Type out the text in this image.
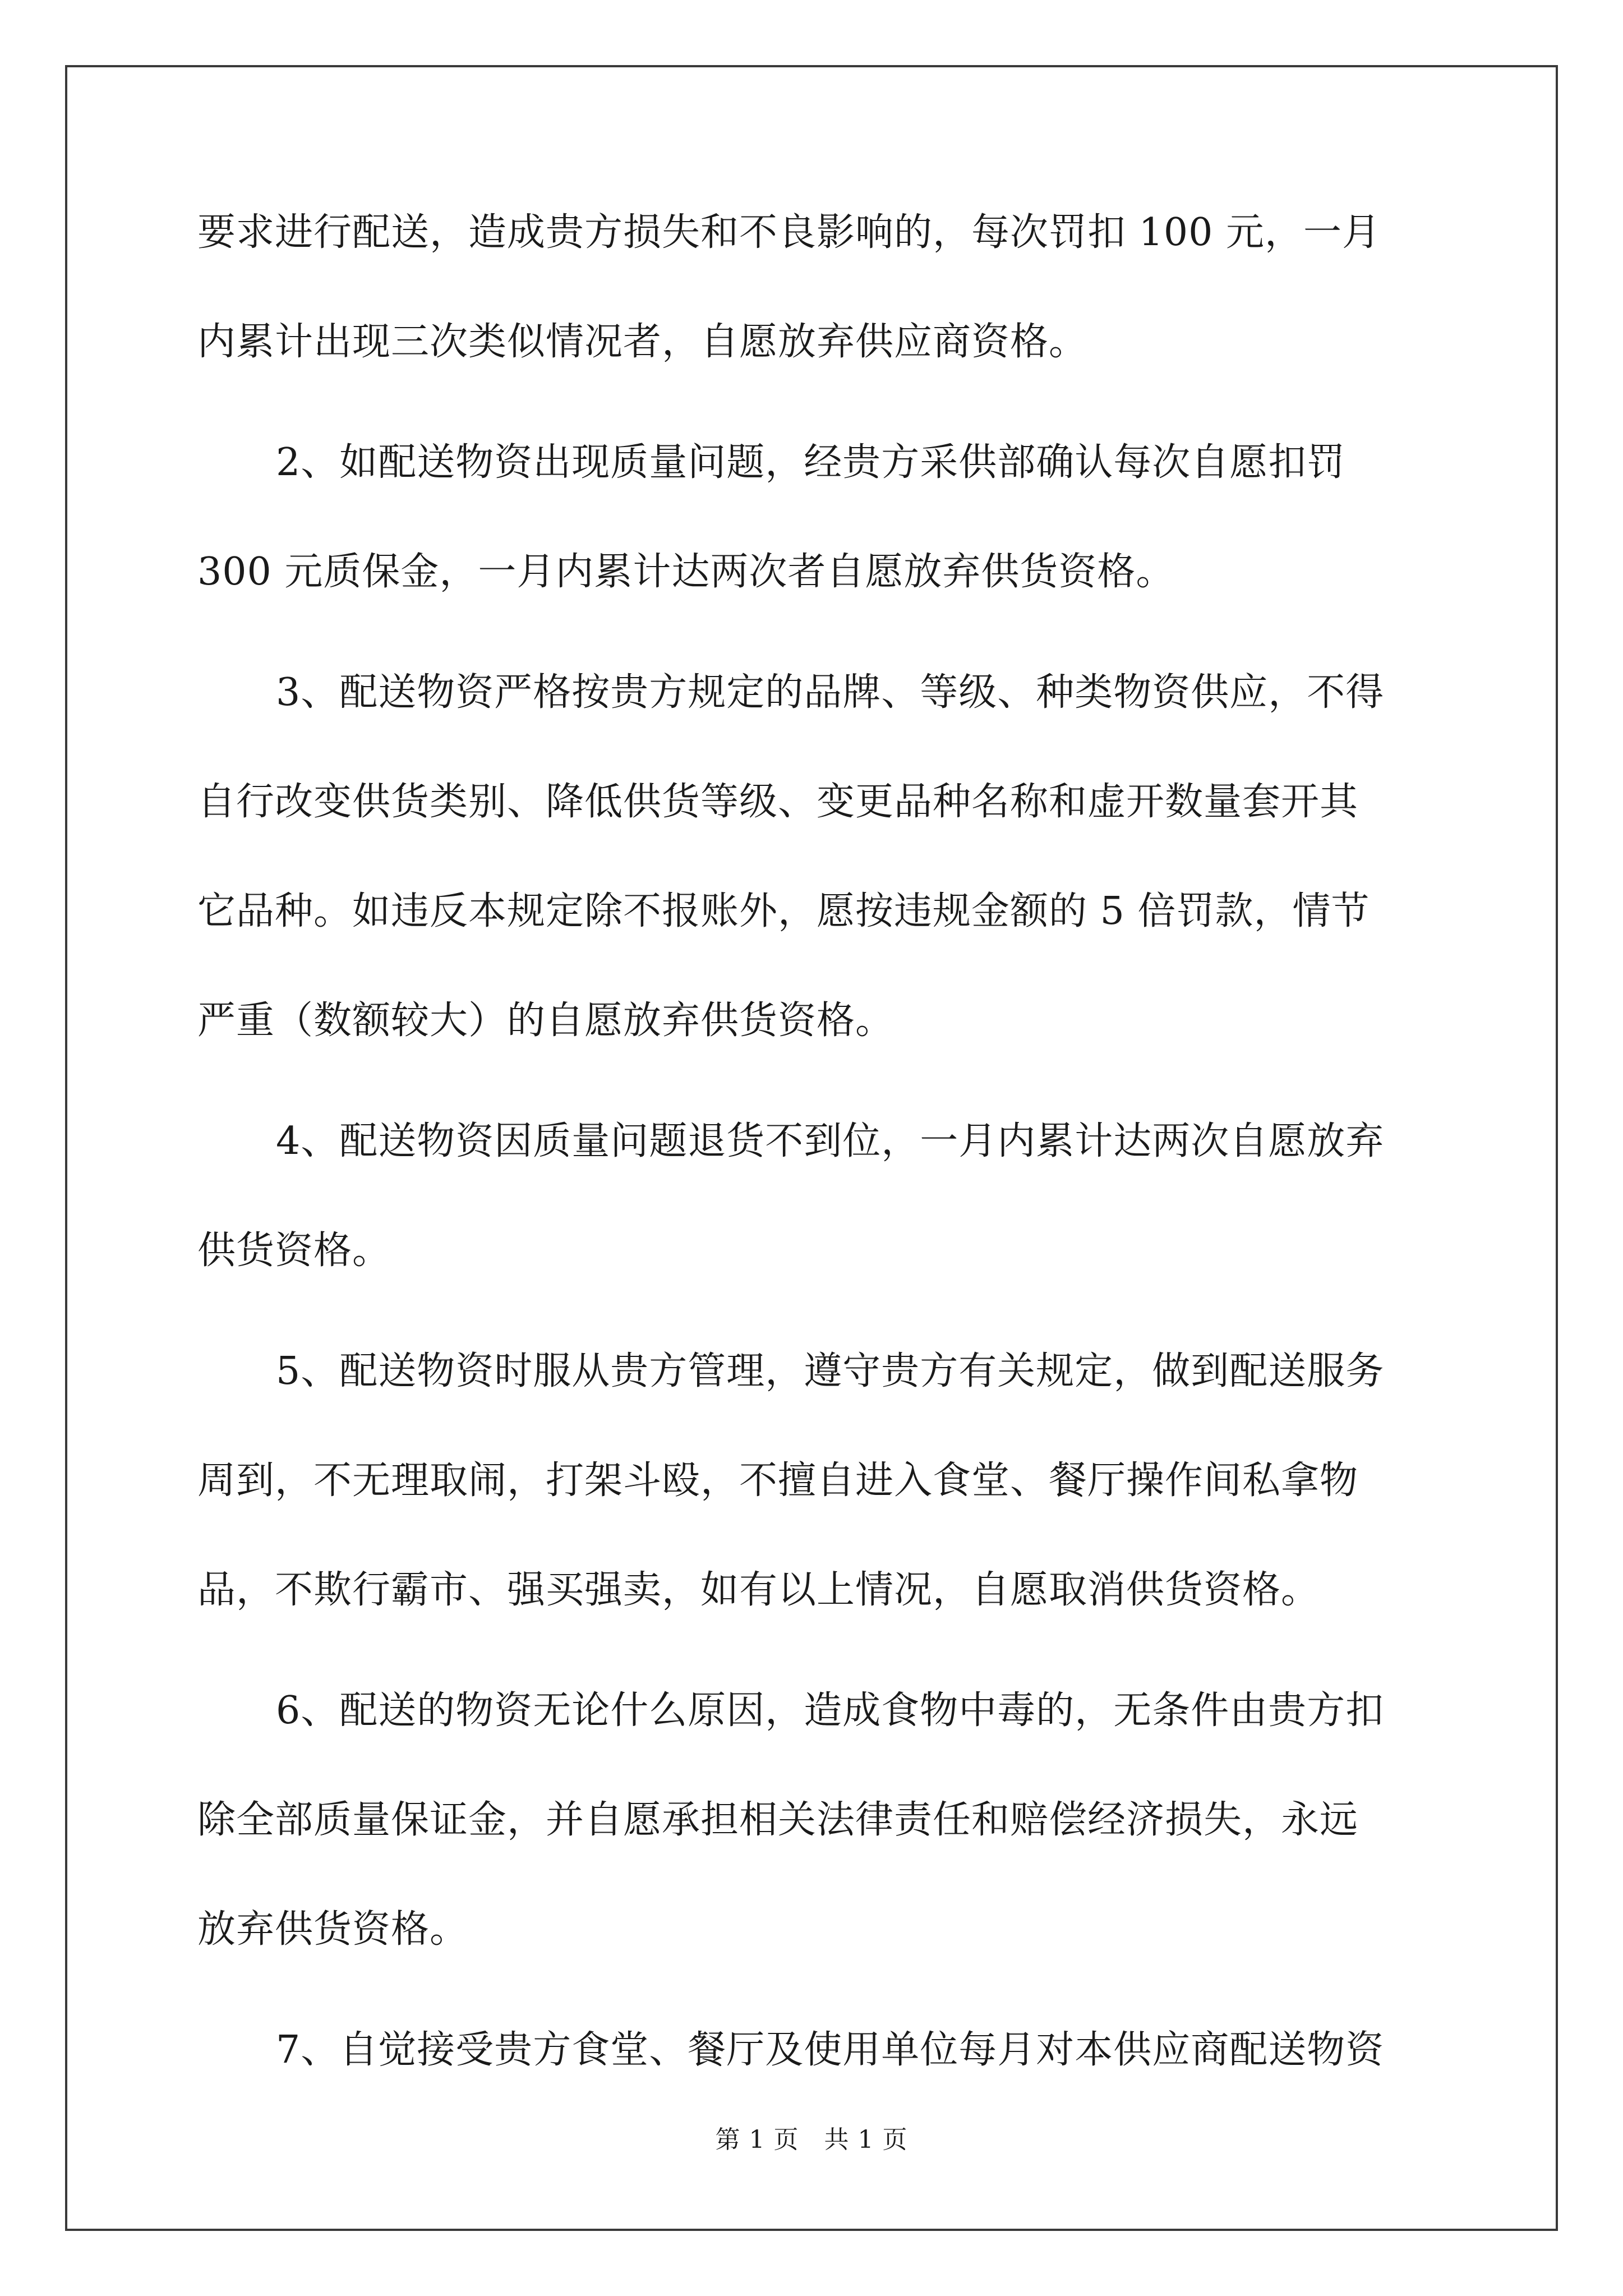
要求进行配送，造成贵方损失和不良影响的，每次罚扣 100 元，一月
内累计出现三次类似情况者，自愿放弃供应商资格。
2、如配送物资出现质量问题，经贵方采供部确认每次自愿扣罚
300 元质保金，一月内累计达两次者自愿放弃供货资格。
3、配送物资严格按贵方规定的品牌、等级、种类物资供应，不得
自行改变供货类别、降低供货等级、变更品种名称和虚开数量套开其
它品种。如违反本规定除不报账外，愿按违规金额的 5 倍罚款，情节
严重（数额较大）的自愿放弃供货资格。
4、配送物资因质量问题退货不到位，一月内累计达两次自愿放弃
供货资格。
5、配送物资时服从贵方管理，遵守贵方有关规定，做到配送服务
周到，不无理取闹，打架斗殴，不擅自进入食堂、餐厅操作间私拿物
品，不欺行霸市、强买强卖，如有以上情况，自愿取消供货资格。
6、配送的物资无论什么原因，造成食物中毒的，无条件由贵方扣
除全部质量保证金，并自愿承担相关法律责任和赔偿经济损失，永远
放弃供货资格。
7、自觉接受贵方食堂、餐厅及使用单位每月对本供应商配送物资
第 1 页　共 1 页
